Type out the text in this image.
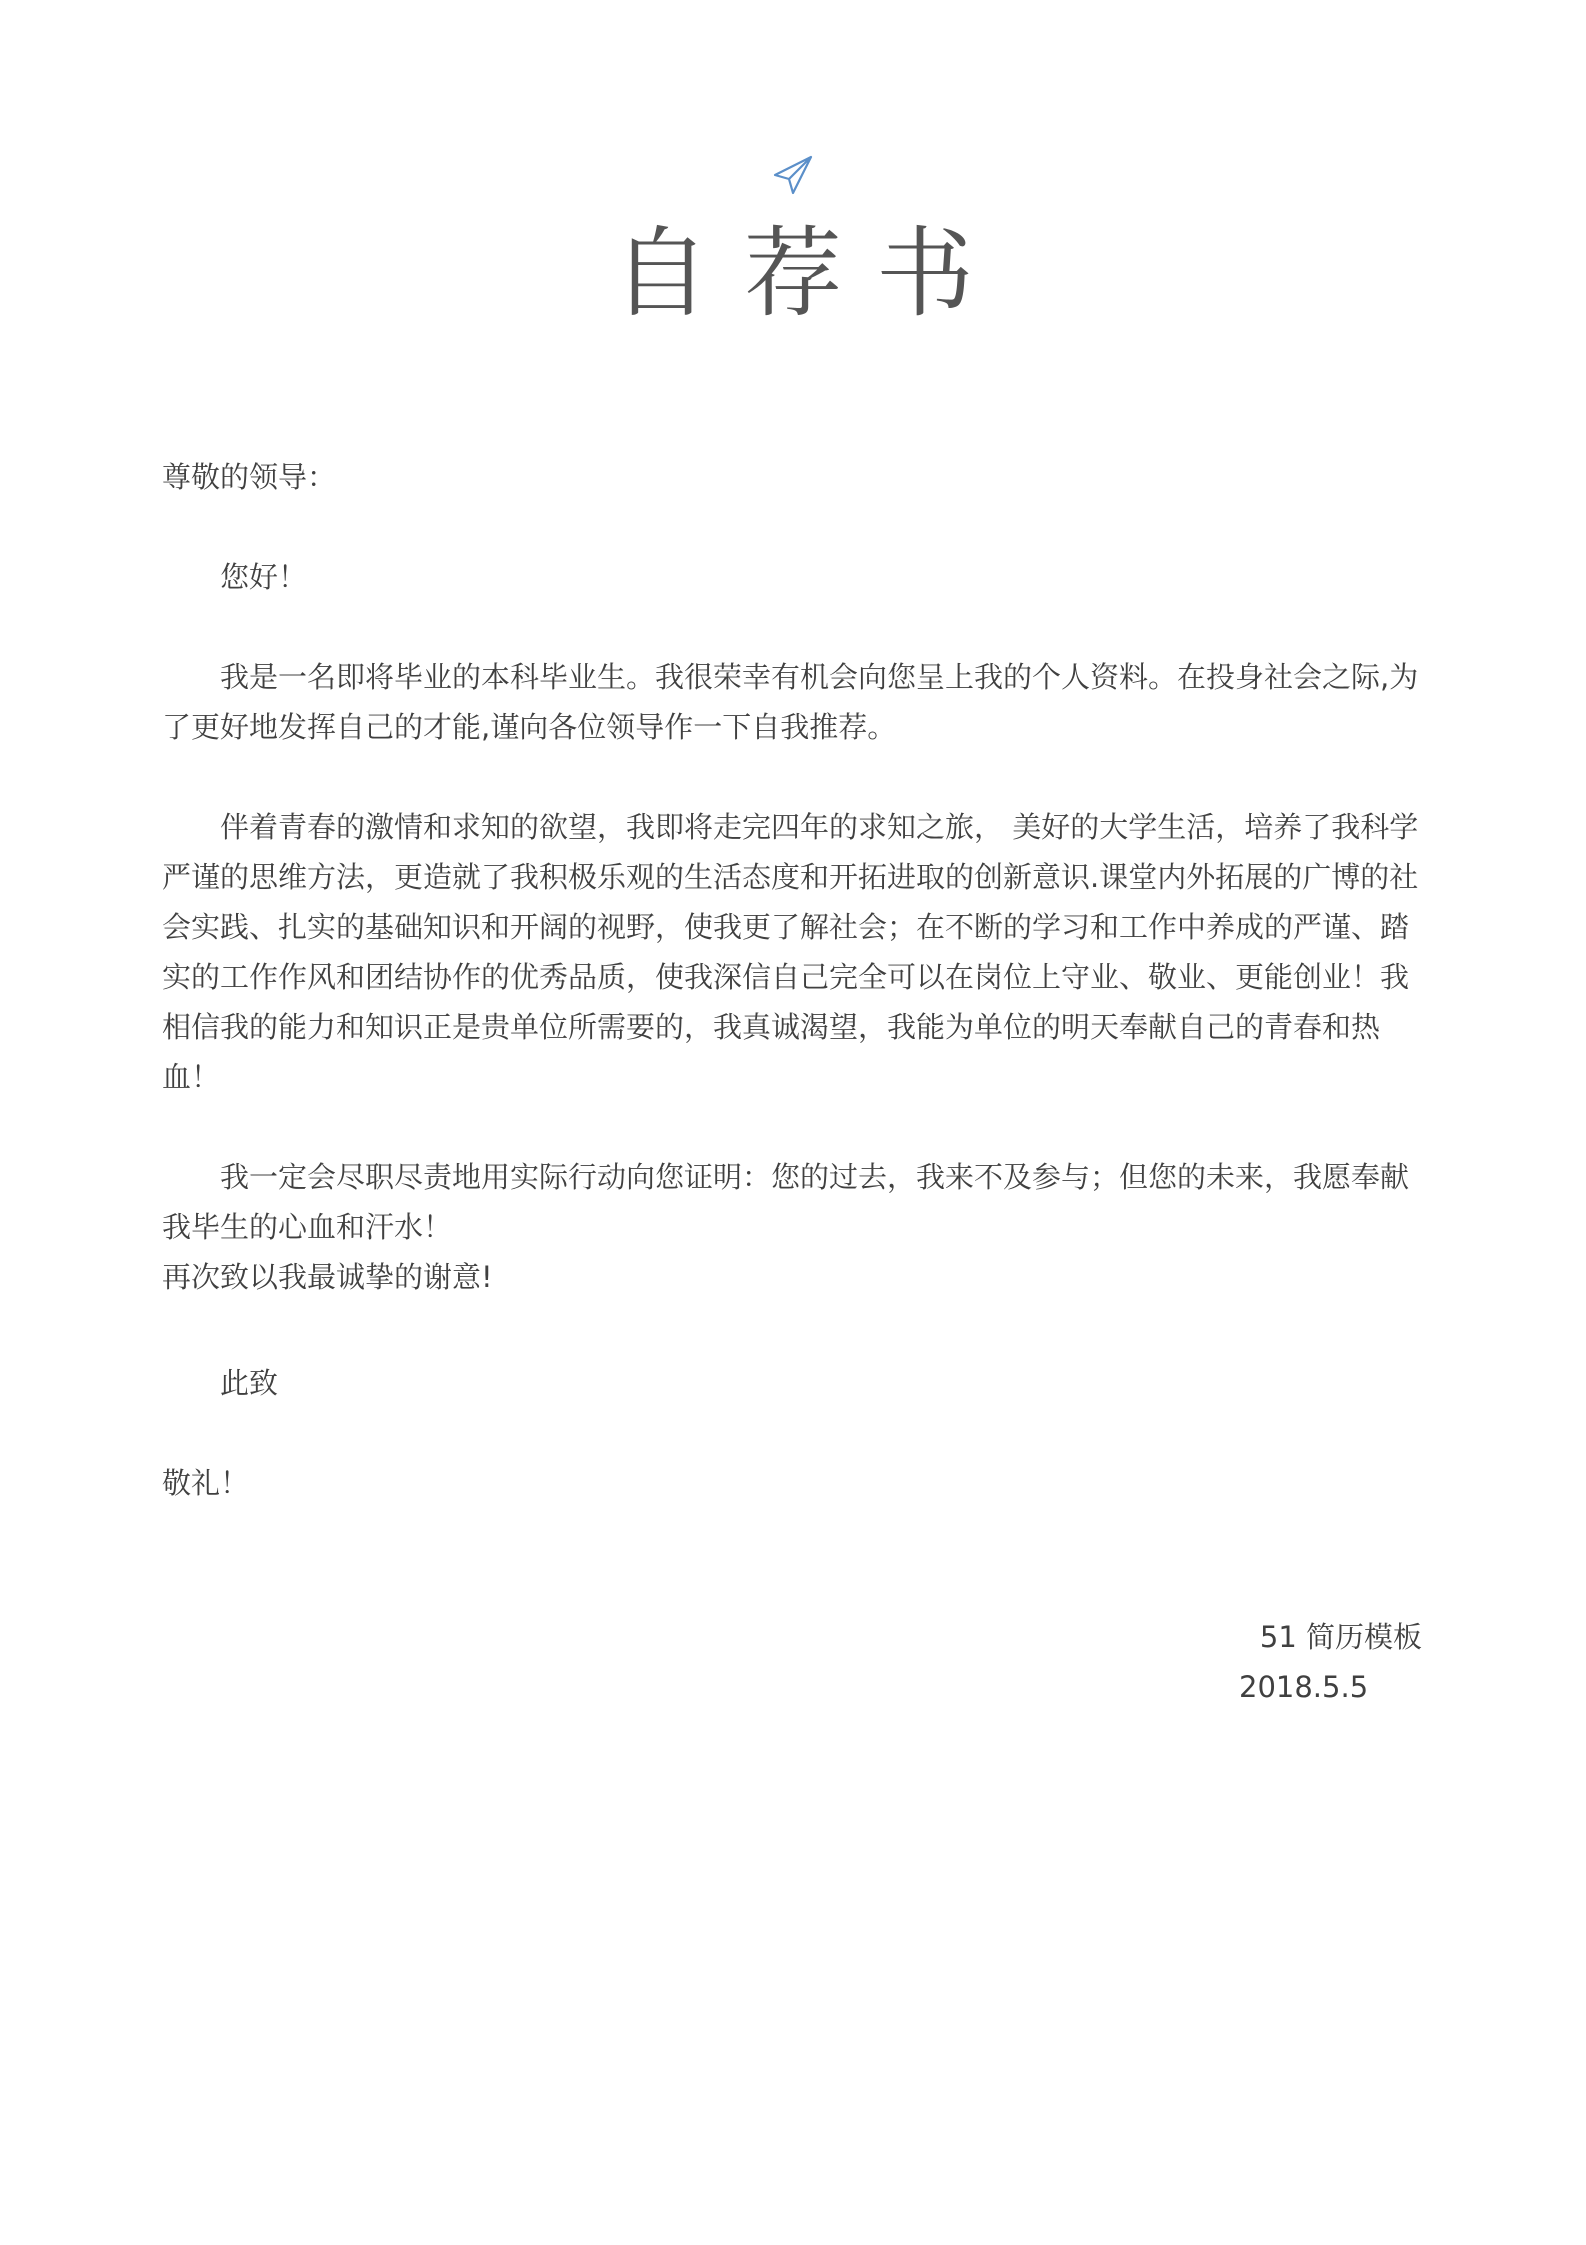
自荐书

尊敬的领导：

您好！

我是一名即将毕业的本科毕业生。我很荣幸有机会向您呈上我的个人资料。在投身社会之际,为了更好地发挥自己的才能,谨向各位领导作一下自我推荐。

伴着青春的激情和求知的欲望，我即将走完四年的求知之旅， 美好的大学生活，培养了我科学严谨的思维方法，更造就了我积极乐观的生活态度和开拓进取的创新意识.课堂内外拓展的广博的社会实践、扎实的基础知识和开阔的视野，使我更了解社会；在不断的学习和工作中养成的严谨、踏实的工作作风和团结协作的优秀品质，使我深信自己完全可以在岗位上守业、敬业、更能创业！我相信我的能力和知识正是贵单位所需要的，我真诚渴望，我能为单位的明天奉献自己的青春和热血！

我一定会尽职尽责地用实际行动向您证明：您的过去，我来不及参与；但您的未来，我愿奉献我毕生的心血和汗水！

再次致以我最诚挚的谢意!

此致

敬礼！

51 简历模板
2018.5.5
